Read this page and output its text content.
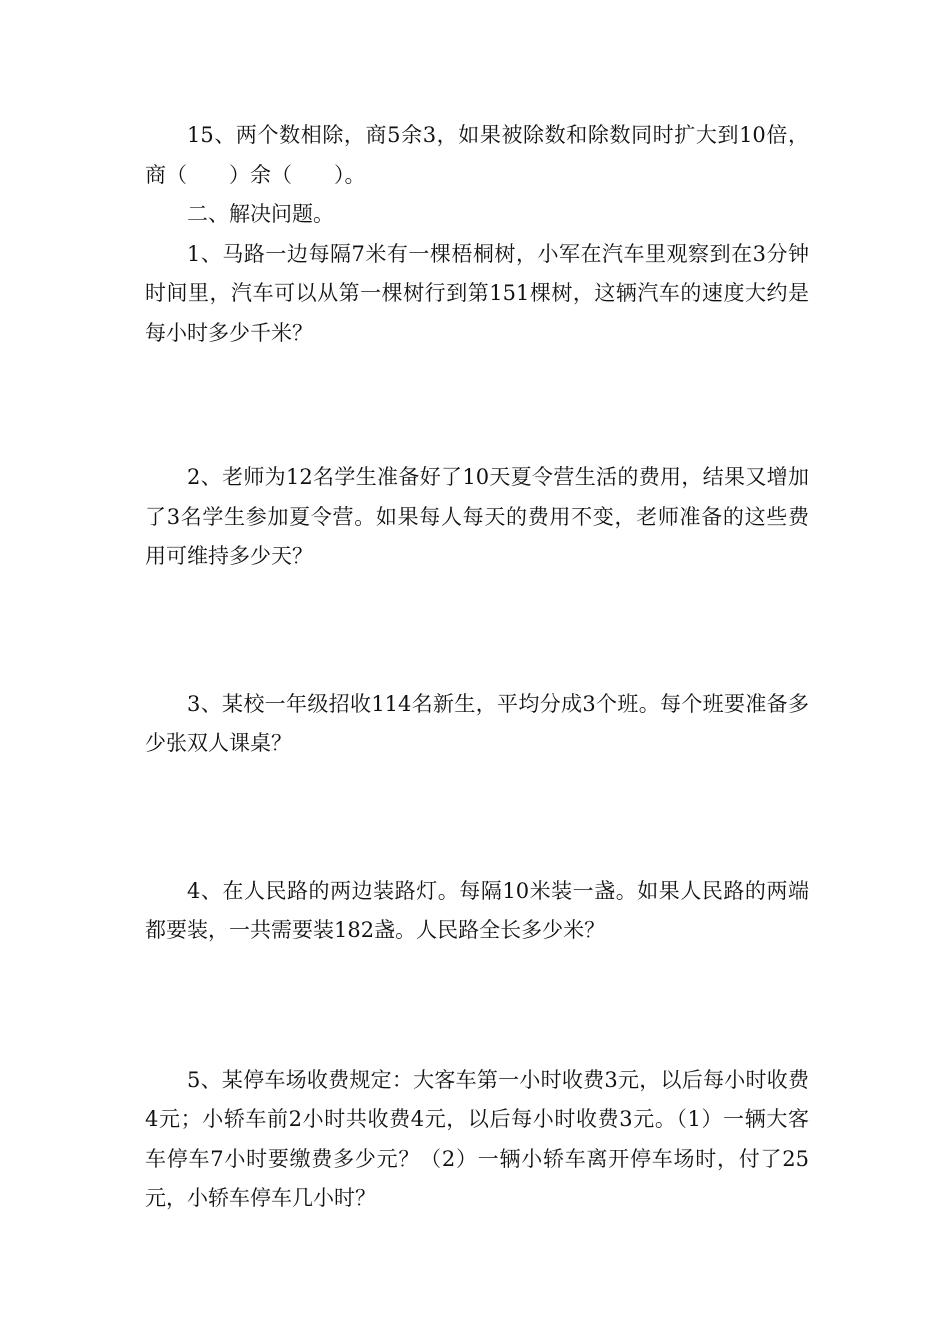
15、两个数相除，商5余3，如果被除数和除数同时扩大到10倍，商（　　）余（　　）。

二、解决问题。

1、马路一边每隔7米有一棵梧桐树，小军在汽车里观察到在3分钟时间里，汽车可以从第一棵树行到第151棵树，这辆汽车的速度大约是每小时多少千米？

2、老师为12名学生准备好了10天夏令营生活的费用，结果又增加了3名学生参加夏令营。如果每人每天的费用不变，老师准备的这些费用可维持多少天？

3、某校一年级招收114名新生，平均分成3个班。每个班要准备多少张双人课桌？

4、在人民路的两边装路灯。每隔10米装一盏。如果人民路的两端都要装，一共需要装182盏。人民路全长多少米？

5、某停车场收费规定：大客车第一小时收费3元，以后每小时收费4元；小轿车前2小时共收费4元，以后每小时收费3元。（1）一辆大客车停车7小时要缴费多少元？（2）一辆小轿车离开停车场时，付了25元，小轿车停车几小时？
